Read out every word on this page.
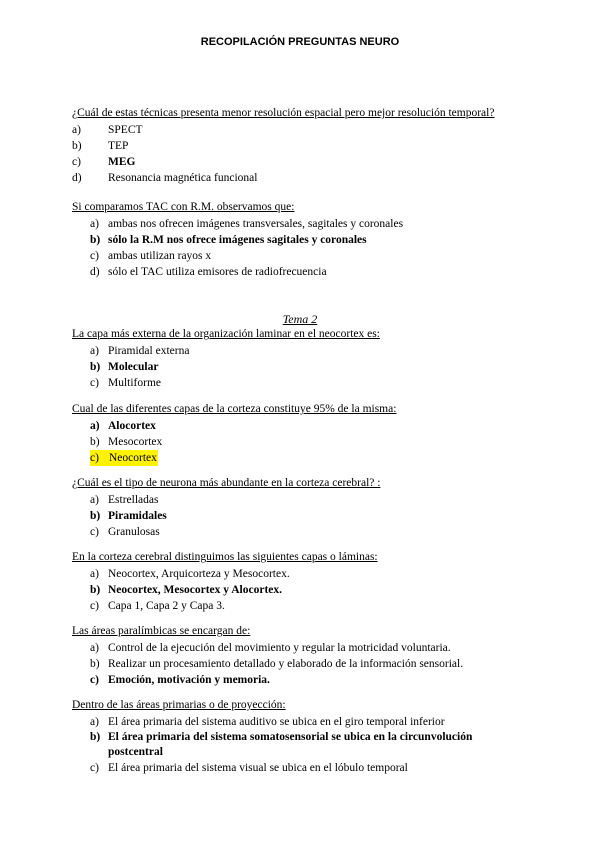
RECOPILACIÓN PREGUNTAS NEURO
¿Cuál de estas técnicas presenta menor resolución espacial pero mejor resolución temporal?
a)	SPECT
b)	TEP
c)	MEG
d)	Resonancia magnética funcional
Si comparamos TAC con R.M. observamos que:
a) ambas nos ofrecen imágenes transversales, sagitales y coronales
b) sólo la R.M nos ofrece imágenes sagitales y coronales
c) ambas utilizan rayos x
d) sólo el TAC utiliza emisores de radiofrecuencia
Tema 2
La capa más externa de la organización laminar en el neocortex es:
a) Piramidal externa
b) Molecular
c) Multiforme
Cual de las diferentes capas de la corteza constituye 95% de la misma:
a) Alocortex
b) Mesocortex
c) Neocortex
¿Cuál es el tipo de neurona más abundante en la corteza cerebral? :
a) Estrelladas
b) Piramidales
c) Granulosas
En la corteza cerebral distinguimos las siguientes capas o láminas:
a) Neocortex, Arquicorteza y Mesocortex.
b) Neocortex, Mesocortex y Alocortex.
c) Capa 1, Capa 2 y Capa 3.
Las áreas paralímbicas se encargan de:
a) Control de la ejecución del movimiento y regular la motricidad voluntaria.
b) Realizar un procesamiento detallado y elaborado de la información sensorial.
c) Emoción, motivación y memoria.
Dentro de las áreas primarias o de proyección:
a) El área primaria del sistema auditivo se ubica en el giro temporal inferior
b) El área primaria del sistema somatosensorial se ubica en la circunvolución postcentral
c) El área primaria del sistema visual se ubica en el lóbulo temporal
